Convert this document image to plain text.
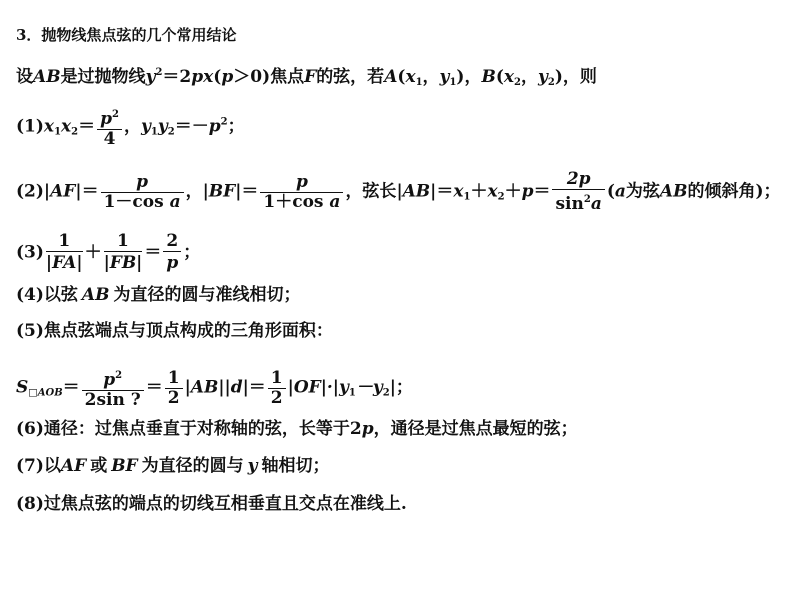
3．抛物线焦点弦的几个常用结论
设AB是过抛物线$y^2=2px(p>0)$焦点F的弦，若$A(x_1$，$y_1$)，$B(x_2$，$y_2$)，则
$(1)x_1x_2= \frac{p^2}{4}$ ，$y_1y_2=-p^2$；
$(2)|AF|= \frac{p}{\text{1－cos a}}$ ，$|BF|= \frac{p}{\text{1＋cos a}}$ ，弦长$|AB|=x_1+x_2+p= \frac{2p}{\sin^2a} (a$为弦AB的倾斜角)；
$(3) \frac{1}{|FA|} + \frac{1}{|FB|} = \frac{2}{p}$ ；
(4)以弦 AB 为直径的圆与准线相切；
(5)焦点弦端点与顶点构成的三角形面积：
$S_{□AOB}= \frac{p^2}{2\sin ?} = \frac{1}{2} |AB||d|= \frac{1}{2} |OF|\cdot|y_1-y_2|$；
(6)通径：过焦点垂直于对称轴的弦，长等于2p，通径是过焦点最短的弦；
(7)以AF 或 BF 为直径的圆与 y 轴相切；
(8)过焦点弦的端点的切线互相垂直且交点在准线上.
